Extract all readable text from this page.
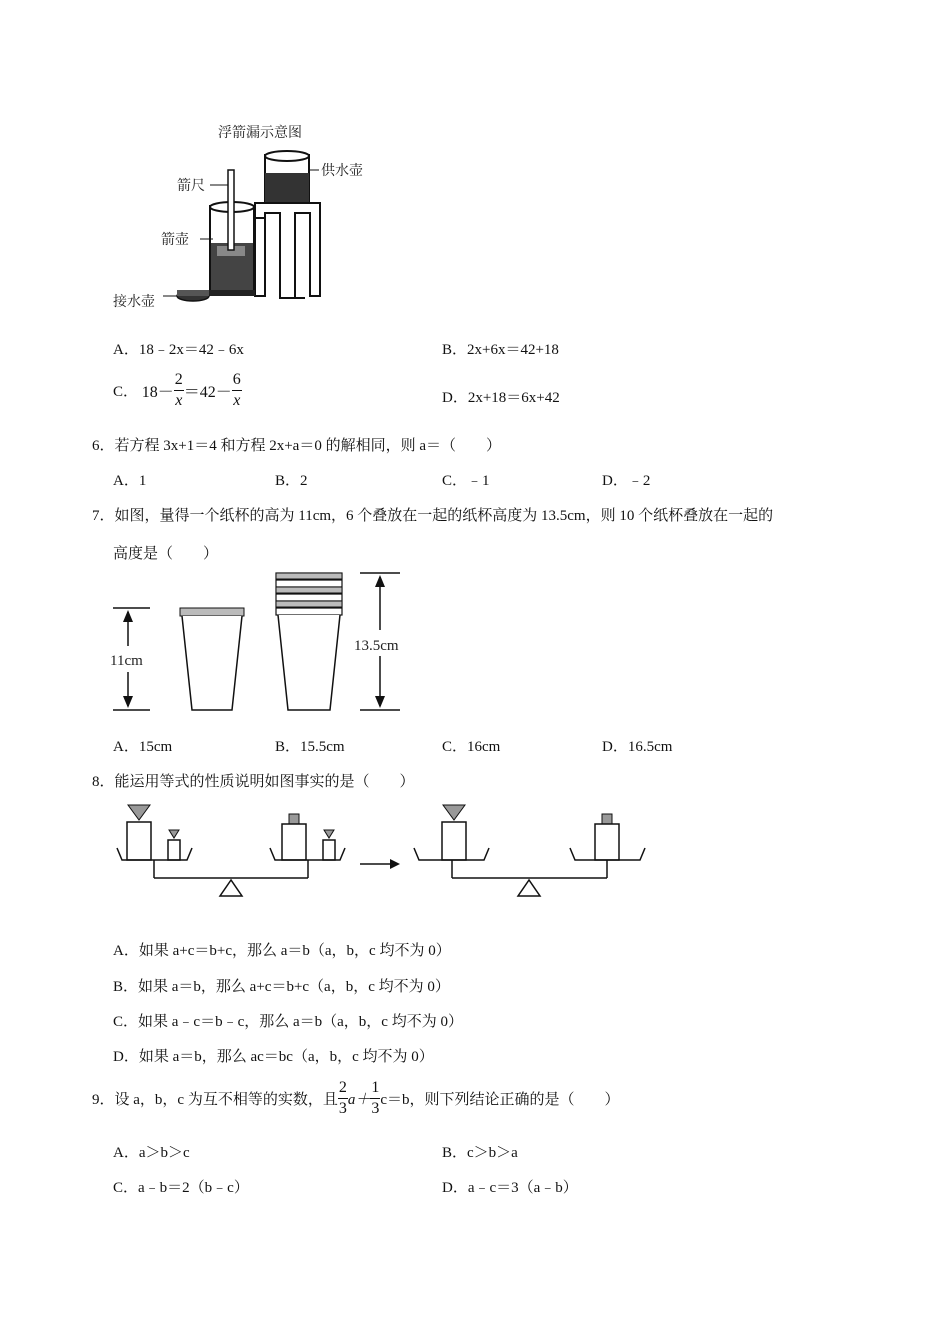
浮箭漏示意图
箭尺
箭壶
供水壶
接水壶
A．18﹣2x＝42﹣6x	B．2x+6x＝42+18
C． $18- \frac{2}{x} =42- \frac{6}{x}$	D．2x+18＝6x+42
6．若方程 3x+1＝4 和方程 2x+a＝0 的解相同，则 a＝（　　）
A．1	B．2	C．﹣1	D．﹣2
7．如图，量得一个纸杯的高为 11cm，6 个叠放在一起的纸杯高度为 13.5cm，则 10 个纸杯叠放在一起的
高度是（　　）
11cm
13.5cm
A．15cm	B．15.5cm	C．16cm	D．16.5cm
8．能运用等式的性质说明如图事实的是（　　）
A．如果 a+c＝b+c，那么 a＝b（a，b，c 均不为 0）
B．如果 a＝b，那么 a+c＝b+c（a，b，c 均不为 0）
C．如果 a﹣c＝b﹣c，那么 a＝b（a，b，c 均不为 0）
D．如果 a＝b，那么 ac＝bc（a，b，c 均不为 0）
9．设 a，b，c 为互不相等的实数，且 $\frac{2}{3} a+ \frac{1}{3} c=b$，则下列结论正确的是（　　）
A．a＞b＞c	B．c＞b＞a
C．a﹣b＝2（b﹣c）	D．a﹣c＝3（a﹣b）
